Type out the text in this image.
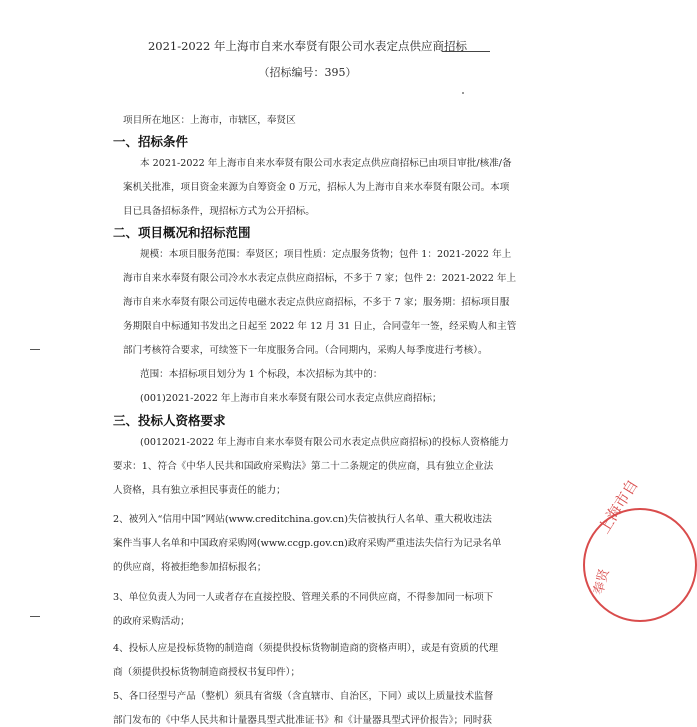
2021-2022 年上海市自来水奉贤有限公司水表定点供应商招标
（招标编号：395）
项目所在地区：上海市，市辖区，奉贤区
一、招标条件
本 2021-2022 年上海市自来水奉贤有限公司水表定点供应商招标已由项目审批/核准/备
案机关批准，项目资金来源为自筹资金 0 万元，招标人为上海市自来水奉贤有限公司。本项
目已具备招标条件，现招标方式为公开招标。
二、项目概况和招标范围
规模：本项目服务范围：奉贤区；项目性质：定点服务货物；包件 1：2021-2022 年上
海市自来水奉贤有限公司冷水水表定点供应商招标，不多于 7 家；包件 2：2021-2022 年上
海市自来水奉贤有限公司远传电磁水表定点供应商招标，不多于 7 家；服务期：招标项目服
务期限自中标通知书发出之日起至 2022 年 12 月 31 日止，合同壹年一签，经采购人和主管
部门考核符合要求，可续签下一年度服务合同。（合同期内，采购人每季度进行考核）。
范围：本招标项目划分为 1 个标段，本次招标为其中的：
(001)2021-2022 年上海市自来水奉贤有限公司水表定点供应商招标；
三、投标人资格要求
(0012021-2022 年上海市自来水奉贤有限公司水表定点供应商招标)的投标人资格能力
要求：1、符合《中华人民共和国政府采购法》第二十二条规定的供应商，具有独立企业法
人资格，具有独立承担民事责任的能力；
2、被列入“信用中国”网站(www.creditchina.gov.cn)失信被执行人名单、重大税收违法
案件当事人名单和中国政府采购网(www.ccgp.gov.cn)政府采购严重违法失信行为记录名单
的供应商，将被拒绝参加招标报名；
3、单位负责人为同一人或者存在直接控股、管理关系的不同供应商，不得参加同一标项下
的政府采购活动；
4、投标人应是投标货物的制造商（须提供投标货物制造商的资格声明），或是有资质的代理
商（须提供投标货物制造商授权书复印件）；
5、各口径型号产品（整机）须具有省级（含直辖市、自治区，下同）或以上质量技术监督
部门发布的《中华人民共和计量器具型式批准证书》和《计量器具型式评价报告》；同时获
上海市自
奉贤
